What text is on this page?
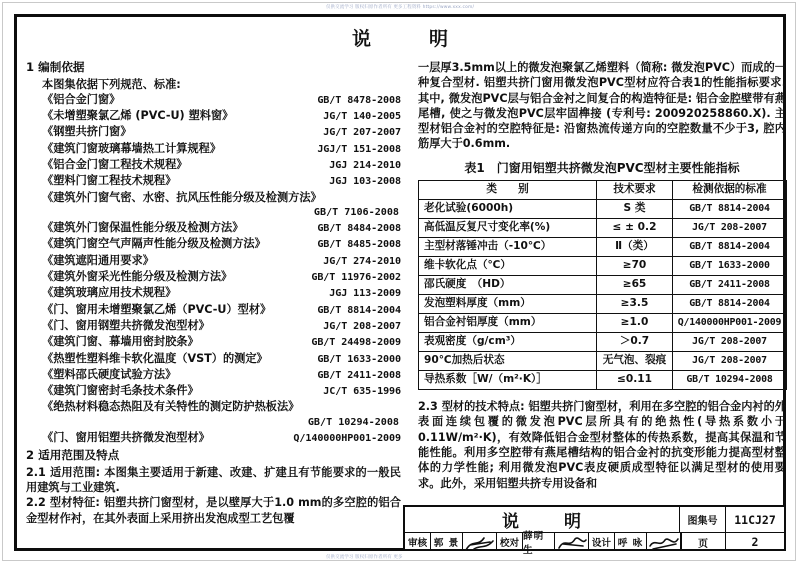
仅供交流学习 版权归原作者所有 更多工程资料 https://www.xxx.com/
仅供交流学习 版权归原作者所有 更多
说	明
1 编制依据
本图集依据下列规范、标准:
《铝合金门窗》	GB/T 8478-2008
《未增塑聚氯乙烯 (PVC-U) 塑料窗》	JG/T 140-2005
《钢塑共挤门窗》	JG/T 207-2007
《建筑门窗玻璃幕墙热工计算规程》	JGJ/T 151-2008
《铝合金门窗工程技术规程》	JGJ 214-2010
《塑料门窗工程技术规程》	JGJ 103-2008
《建筑外门窗气密、水密、抗风压性能分级及检测方法》
GB/T 7106-2008
《建筑外门窗保温性能分级及检测方法》	GB/T 8484-2008
《建筑门窗空气声隔声性能分级及检测方法》	GB/T 8485-2008
《建筑遮阳通用要求》	JG/T 274-2010
《建筑外窗采光性能分级及检测方法》	GB/T 11976-2002
《建筑玻璃应用技术规程》	JGJ 113-2009
《门、窗用未增塑聚氯乙烯（PVC-U）型材》	GB/T 8814-2004
《门、窗用钢塑共挤微发泡型材》	JG/T 208-2007
《建筑门窗、幕墙用密封胶条》	GB/T 24498-2009
《热塑性塑料维卡软化温度（VST）的测定》	GB/T 1633-2000
《塑料邵氏硬度试验方法》	GB/T 2411-2008
《建筑门窗密封毛条技术条件》	JC/T 635-1996
《绝热材料稳态热阻及有关特性的测定防护热板法》
GB/T 10294-2008
《门、窗用铝塑共挤微发泡型材》	Q/140000HP001-2009
2 适用范围及特点

2.1 适用范围: 本图集主要适用于新建、改建、扩建且有节能要求的一般民用建筑与工业建筑.

2.2 型材特征: 铝塑共挤门窗型材，是以壁厚大于1.0 mm的多空腔的铝合金型材作衬，在其外表面上采用挤出发泡成型工艺包覆

一层厚3.5mm以上的微发泡聚氯乙烯塑料（简称: 微发泡PVC）而成的一种复合型材. 铝塑共挤门窗用微发泡PVC型材应符合表1的性能指标要求. 其中, 微发泡PVC层与铝合金衬之间复合的构造特征是: 铝合金腔壁带有燕尾槽, 使之与微发泡PVC层牢固榫接 (专利号: 200920258860.X). 主型材铝合金衬的空腔特征是: 沿窗热流传递方向的空腔数量不少于3, 腔内筋厚大于0.6mm.

表1　门窗用铝塑共挤微发泡PVC型材主要性能指标
类　　别	技术要求	检测依据的标准
老化试验(6000h)	S 类	GB/T 8814-2004
高低温反复尺寸变化率(%)	≤ ± 0.2	JG/T 208-2007
主型材落锤冲击（-10℃）	Ⅱ（类）	GB/T 8814-2004
维卡软化点（℃）	≥70	GB/T 1633-2000
邵氏硬度　（HD）	≥65	GB/T 2411-2008
发泡塑料厚度（mm）	≥3.5	GB/T 8814-2004
铝合金衬铝厚度（mm）	≥1.0	Q/140000HP001-2009
表观密度（g/cm³）	＞0.7	JG/T 208-2007
90℃加热后状态	无气泡、裂痕	JG/T 208-2007
导热系数［W/（m²·K）］	≤0.11	GB/T 10294-2008

2.3 型材的技术特点: 铝塑共挤门窗型材，利用在多空腔的铝合金内衬的外表面连续包覆的微发泡PVC层所具有的绝热性(导热系数小于0.11W/m²·K)，有效降低铝合金型材整体的传热系数，提高其保温和节能性能。利用多空腔带有燕尾槽结构的铝合金衬的抗变形能力提高型材整体的力学性能; 利用微发泡PVC表皮硬质成型特征以满足型材的使用要求。此外，采用铝塑共挤专用设备和

说	明	图集号	11CJ27
审核 郭 景	校对
薛明生
设计 呼 咏	页	2
